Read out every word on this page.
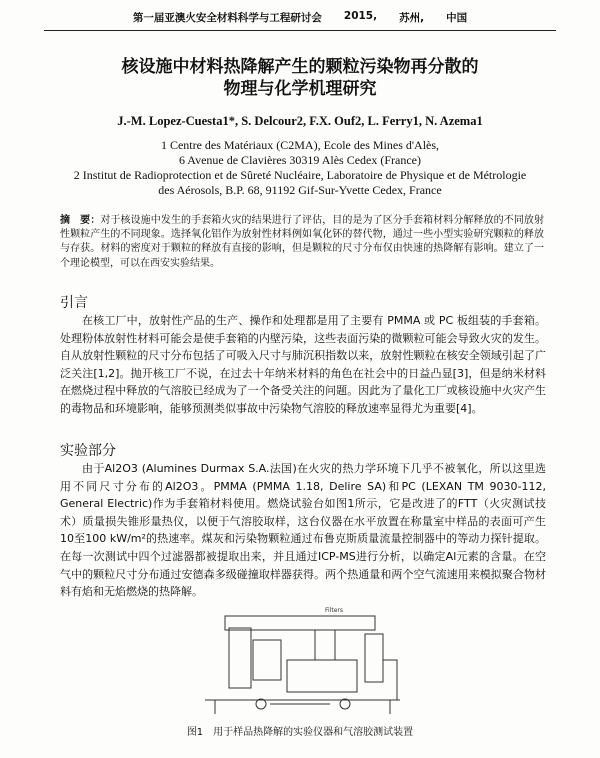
第一届亚澳火安全材料科学与工程研讨会 2015, 苏州, 中国
核设施中材料热降解产生的颗粒污染物再分散的
物理与化学机理研究
J.-M. Lopez-Cuesta1*, S. Delcour2, F.X. Ouf2, L. Ferry1, N. Azema1
1 Centre des Matériaux (C2MA), Ecole des Mines d'Alès,
6 Avenue de Clavières 30319 Alès Cedex (France)
2 Institut de Radioprotection et de Sûreté Nucléaire, Laboratoire de Physique et de Métrologie
des Aérosols, B.P. 68, 91192 Gif-Sur-Yvette Cedex, France
摘　要：对于核设施中发生的手套箱火灾的结果进行了评估，目的是为了区分手套箱材料分解释放的不同放射性颗粒产生的不同现象。选择氧化铝作为放射性材料例如氧化钚的替代物，通过一些小型实验研究颗粒的释放与存获。材料的密度对于颗粒的释放有直接的影响，但是颗粒的尺寸分布仅由快速的热降解有影响。建立了一个理论模型，可以在西安实验结果。
引言
在核工厂中，放射性产品的生产、操作和处理都是用了主要有 PMMA 或 PC 板组装的手套箱。处理粉体放射性材料可能会是使手套箱的内壁污染，这些表面污染的微颗粒可能会导致火灾的发生。自从放射性颗粒的尺寸分布包括了可吸入尺寸与肺沉积指数以来，放射性颗粒在核安全领域引起了广泛关注[1,2]。抛开核工厂不说，在过去十年纳米材料的角色在社会中的日益凸显[3]，但是纳米材料在燃烧过程中释放的气溶胶已经成为了一个备受关注的问题。因此为了量化工厂或核设施中火灾产生的毒物品和环境影响，能够预测类似事故中污染物气溶胶的释放速率显得尤为重要[4]。
实验部分
由于Al2O3 (Alumines Durmax S.A.法国)在火灾的热力学环境下几乎不被氧化，所以这里选用不同尺寸分布的Al2O3。PMMA (PMMA 1.18, Delire SA)和PC (LEXAN TM 9030-112, General Electric)作为手套箱材料使用。燃烧试验台如图1所示，它是改进了的FTT（火灾测试技术）质量损失锥形量热仪，以便于气溶胶取样，这台仪器在水平放置在称量室中样品的表面可产生10至100 kW/m²的热速率。煤灰和污染物颗粒通过布鲁克斯质量流量控制器中的等动力探针提取。在每一次测试中四个过滤器都被提取出来，并且通过ICP-MS进行分析，以确定Al元素的含量。在空气中的颗粒尺寸分布通过安德森多级碰撞取样器获得。两个热通量和两个空气流速用来模拟聚合物材料有焰和无焰燃烧的热降解。
Filters
图1　用于样品热降解的实验仪器和气溶胶测试装置
